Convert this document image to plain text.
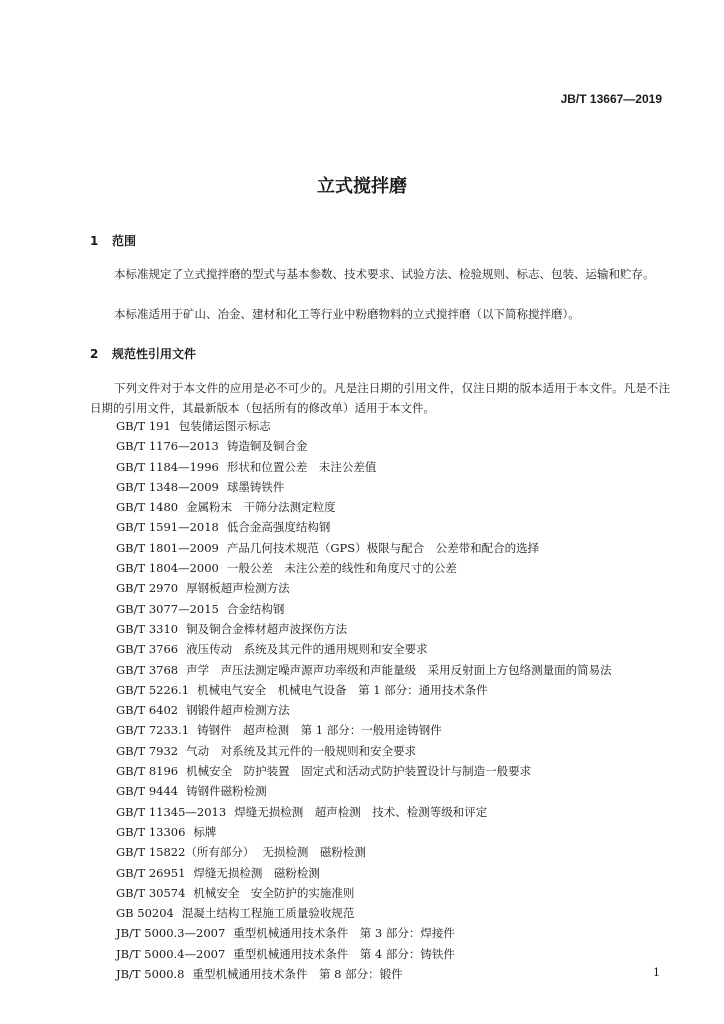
JB/T 13667—2019
立式搅拌磨
1 范围
本标准规定了立式搅拌磨的型式与基本参数、技术要求、试验方法、检验规则、标志、包装、运输和贮存。
本标准适用于矿山、冶金、建材和化工等行业中粉磨物料的立式搅拌磨（以下简称搅拌磨）。
2 规范性引用文件
下列文件对于本文件的应用是必不可少的。凡是注日期的引用文件，仅注日期的版本适用于本文件。凡是不注日期的引用文件，其最新版本（包括所有的修改单）适用于本文件。
GB/T 191 包装储运图示标志
GB/T 1176—2013 铸造铜及铜合金
GB/T 1184—1996 形状和位置公差　未注公差值
GB/T 1348—2009 球墨铸铁件
GB/T 1480 金属粉末　干筛分法测定粒度
GB/T 1591—2018 低合金高强度结构钢
GB/T 1801—2009 产品几何技术规范（GPS）极限与配合　公差带和配合的选择
GB/T 1804—2000 一般公差　未注公差的线性和角度尺寸的公差
GB/T 2970 厚钢板超声检测方法
GB/T 3077—2015 合金结构钢
GB/T 3310 铜及铜合金棒材超声波探伤方法
GB/T 3766 液压传动　系统及其元件的通用规则和安全要求
GB/T 3768 声学　声压法测定噪声源声功率级和声能量级　采用反射面上方包络测量面的简易法
GB/T 5226.1 机械电气安全　机械电气设备　第 1 部分：通用技术条件
GB/T 6402 钢锻件超声检测方法
GB/T 7233.1 铸钢件　超声检测　第 1 部分：一般用途铸钢件
GB/T 7932 气动　对系统及其元件的一般规则和安全要求
GB/T 8196 机械安全　防护装置　固定式和活动式防护装置设计与制造一般要求
GB/T 9444 铸钢件磁粉检测
GB/T 11345—2013 焊缝无损检测　超声检测　技术、检测等级和评定
GB/T 13306 标牌
GB/T 15822（所有部分） 无损检测　磁粉检测
GB/T 26951 焊缝无损检测　磁粉检测
GB/T 30574 机械安全　安全防护的实施准则
GB 50204 混凝土结构工程施工质量验收规范
JB/T 5000.3—2007 重型机械通用技术条件　第 3 部分：焊接件
JB/T 5000.4—2007 重型机械通用技术条件　第 4 部分：铸铁件
JB/T 5000.8 重型机械通用技术条件　第 8 部分：锻件	1
